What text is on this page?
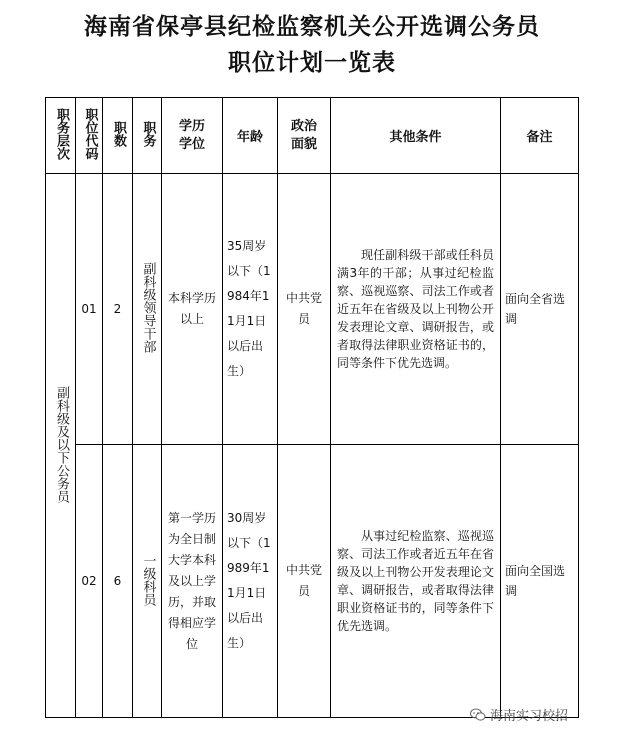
海南省保亭县纪检监察机关公开选调公务员
职位计划一览表
职务层次	职位代码	职数	职务	学历学位	年龄	政治面貌	其他条件	备注
副科级及以下公务员	01	2	副科级领导干部	本科学历以上	35周岁以下（1984年11月1日以后出生）	中共党员	现任副科级干部或任科员满3年的干部；从事过纪检监察、巡视巡察、司法工作或者近五年在省级及以上刊物公开发表理论文章、调研报告，或者取得法律职业资格证书的，同等条件下优先选调。	面向全省选调

	02	6	一级科员	第一学历为全日制大学本科及以上学历，并取得相应学位	30周岁以下（1989年11月1日以后出生）	中共党员	从事过纪检监察、巡视巡察、司法工作或者近五年在省级及以上刊物公开发表理论文章、调研报告，或者取得法律职业资格证书的，同等条件下优先选调。	面向全国选调
海南实习校招
